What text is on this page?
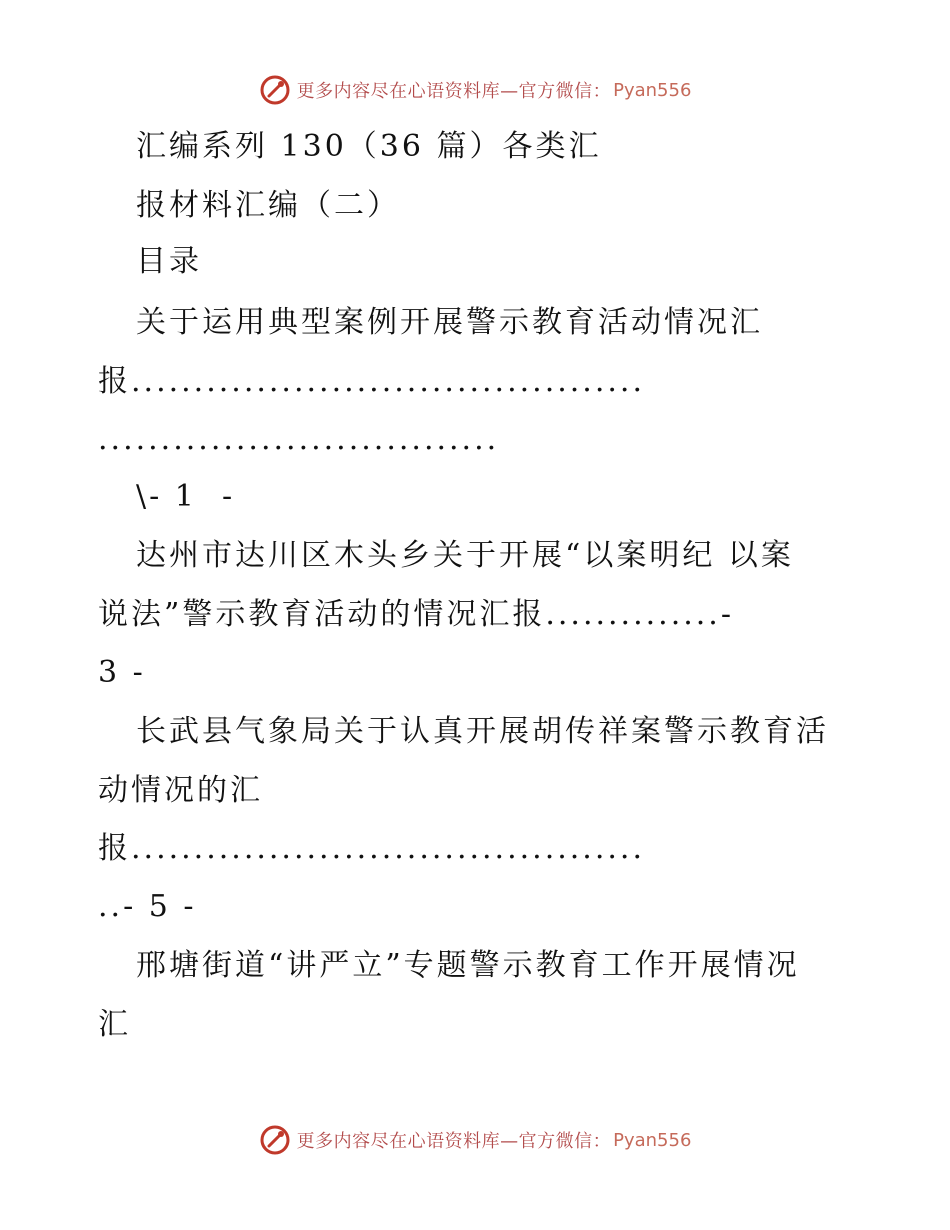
更多内容尽在心语资料库—官方微信： Pyan556
汇编系列 130（36 篇）各类汇
报材料汇编（二）
目录
关于运用典型案例开展警示教育活动情况汇
报.........................................
................................
\- 1  -
达州市达川区木头乡关于开展“以案明纪 以案
说法”警示教育活动的情况汇报..............-
3 -
长武县气象局关于认真开展胡传祥案警示教育活
动情况的汇
报.........................................
..- 5 -
邢塘街道“讲严立”专题警示教育工作开展情况
汇
更多内容尽在心语资料库—官方微信： Pyan556
